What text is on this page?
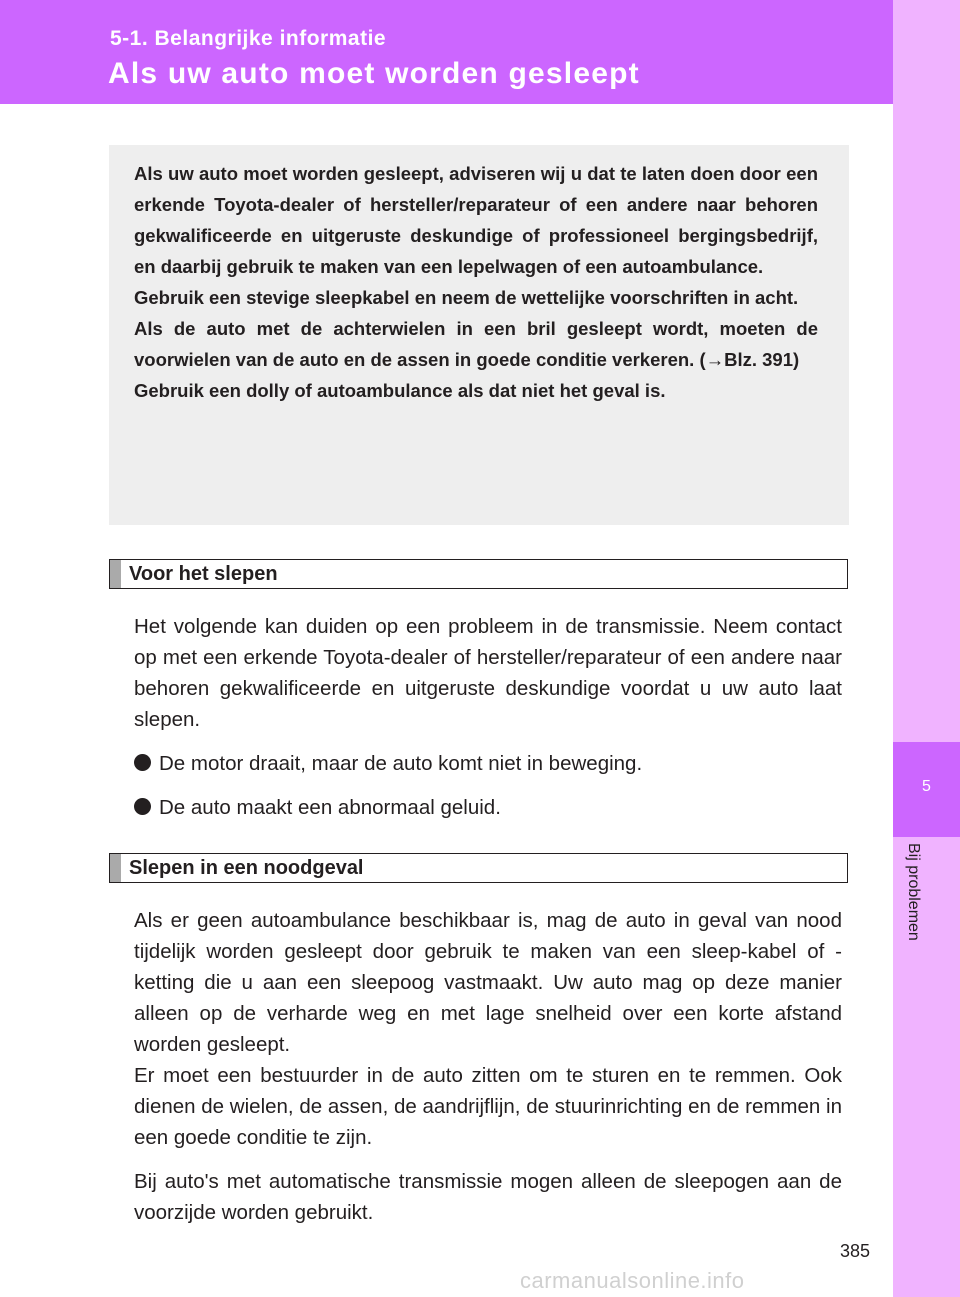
5-1. Belangrijke informatie
Als uw auto moet worden gesleept
5
Bij problemen

Als uw auto moet worden gesleept, adviseren wij u dat te laten doen door een erkende Toyota-dealer of hersteller/reparateur of een andere naar behoren gekwalificeerde en uitgeruste deskundige of professioneel bergingsbedrijf, en daarbij gebruik te maken van een lepelwagen of een autoambulance.

Gebruik een stevige sleepkabel en neem de wettelijke voorschriften in acht.

Als de auto met de achterwielen in een bril gesleept wordt, moeten de voorwielen van de auto en de assen in goede conditie verkeren. (→Blz. 391)

Gebruik een dolly of autoambulance als dat niet het geval is.

Voor het slepen

Het volgende kan duiden op een probleem in de transmissie. Neem contact op met een erkende Toyota-dealer of hersteller/reparateur of een andere naar behoren gekwalificeerde en uitgeruste deskundige voordat u uw auto laat slepen.

De motor draait, maar de auto komt niet in beweging.
De auto maakt een abnormaal geluid.
Slepen in een noodgeval

Als er geen autoambulance beschikbaar is, mag de auto in geval van nood tijdelijk worden gesleept door gebruik te maken van een sleep-kabel of -ketting die u aan een sleepoog vastmaakt. Uw auto mag op deze manier alleen op de verharde weg en met lage snelheid over een korte afstand worden gesleept.

Er moet een bestuurder in de auto zitten om te sturen en te remmen. Ook dienen de wielen, de assen, de aandrijflijn, de stuurinrichting en de remmen in een goede conditie te zijn.

Bij auto's met automatische transmissie mogen alleen de sleepogen aan de voorzijde worden gebruikt.

385
carmanualsonline.info
